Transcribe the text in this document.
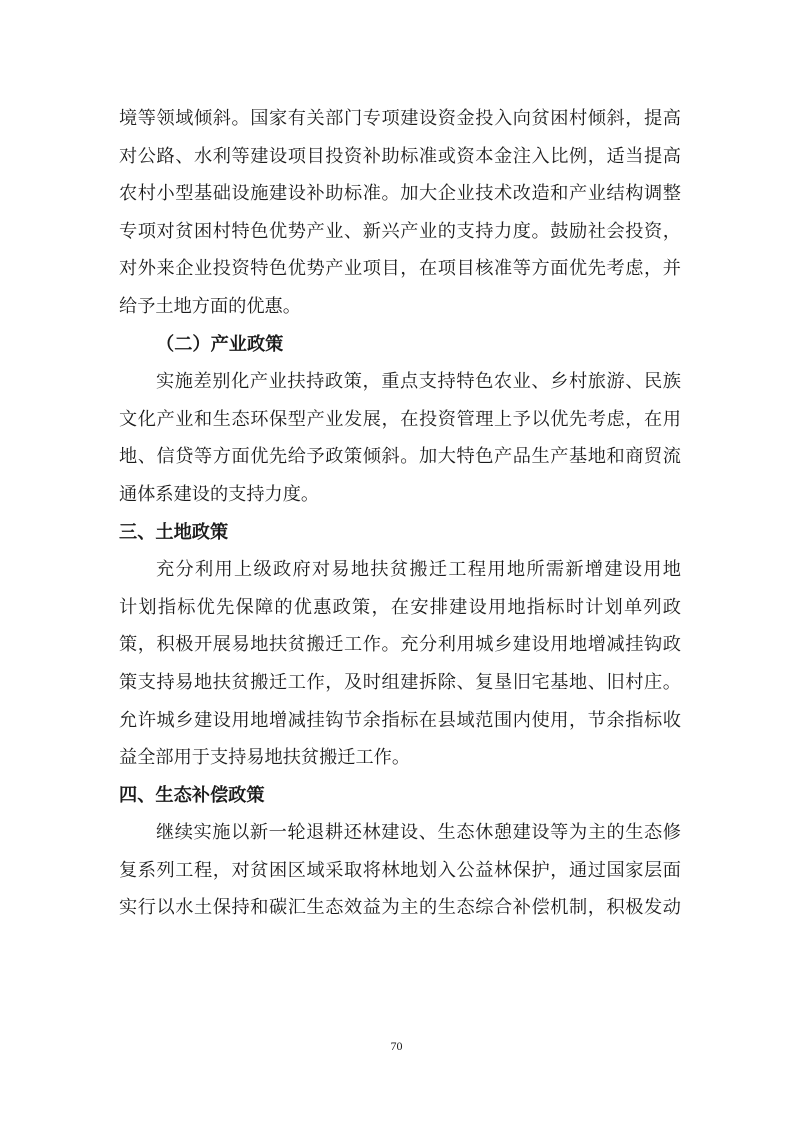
境等领域倾斜。国家有关部门专项建设资金投入向贫困村倾斜，提高
对公路、水利等建设项目投资补助标准或资本金注入比例，适当提高
农村小型基础设施建设补助标准。加大企业技术改造和产业结构调整
专项对贫困村特色优势产业、新兴产业的支持力度。鼓励社会投资，
对外来企业投资特色优势产业项目，在项目核准等方面优先考虑，并
给予土地方面的优惠。
（二）产业政策
实施差别化产业扶持政策，重点支持特色农业、乡村旅游、民族
文化产业和生态环保型产业发展，在投资管理上予以优先考虑，在用
地、信贷等方面优先给予政策倾斜。加大特色产品生产基地和商贸流
通体系建设的支持力度。
三、土地政策
充分利用上级政府对易地扶贫搬迁工程用地所需新增建设用地
计划指标优先保障的优惠政策，在安排建设用地指标时计划单列政
策，积极开展易地扶贫搬迁工作。充分利用城乡建设用地增减挂钩政
策支持易地扶贫搬迁工作，及时组建拆除、复垦旧宅基地、旧村庄。
允许城乡建设用地增减挂钩节余指标在县域范围内使用，节余指标收
益全部用于支持易地扶贫搬迁工作。
四、生态补偿政策
继续实施以新一轮退耕还林建设、生态休憩建设等为主的生态修
复系列工程，对贫困区域采取将林地划入公益林保护，通过国家层面
实行以水土保持和碳汇生态效益为主的生态综合补偿机制，积极发动
70
